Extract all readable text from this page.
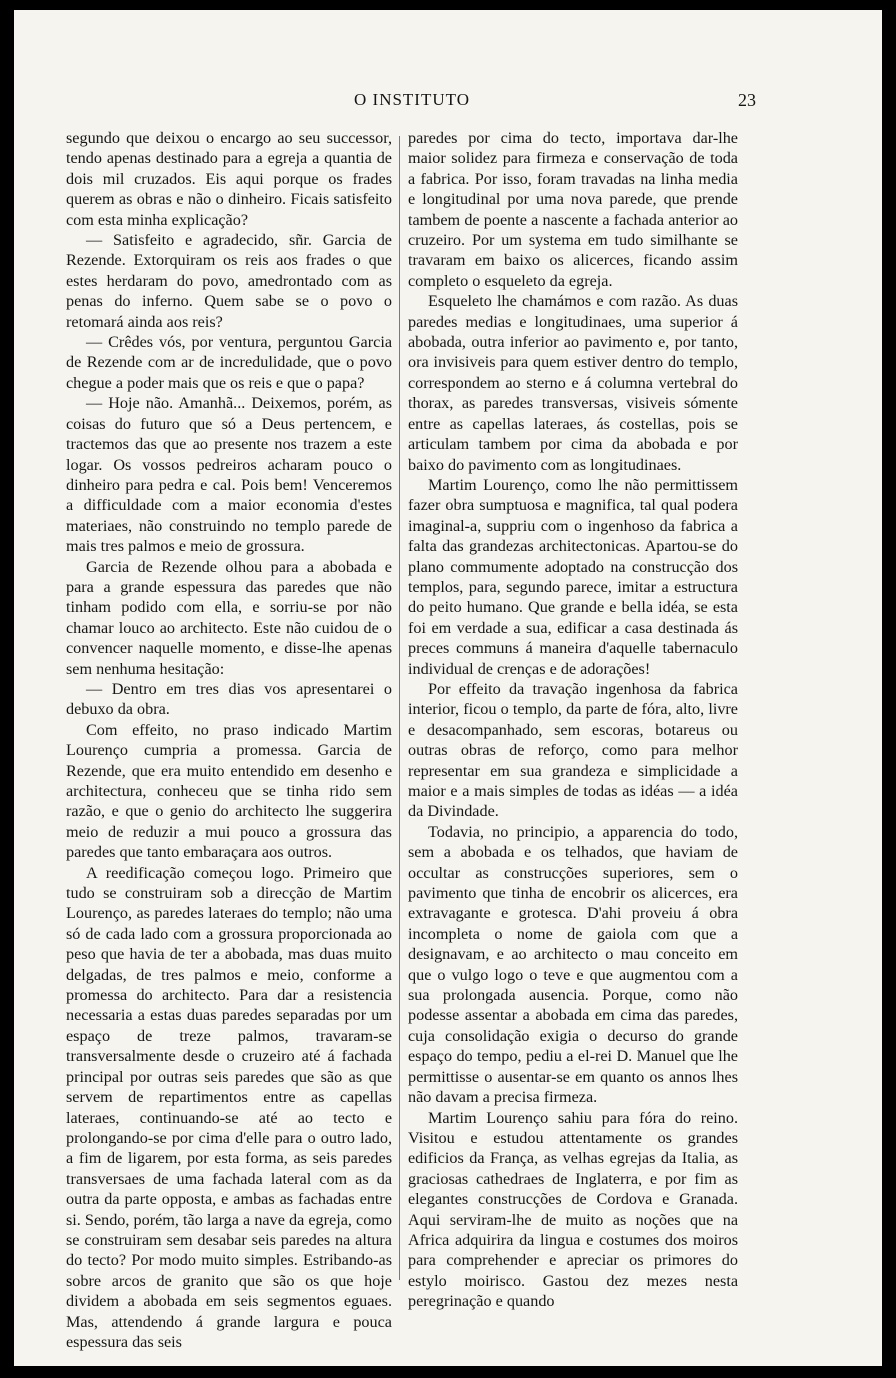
O INSTITUTO	23

segundo que deixou o encargo ao seu successor, tendo apenas destinado para a egreja a quantia de dois mil cruzados. Eis aqui porque os frades querem as obras e não o dinheiro. Ficais satisfeito com esta minha explicação?

— Satisfeito e agradecido, sñr. Garcia de Rezende. Extorquiram os reis aos frades o que estes herdaram do povo, amedrontado com as penas do inferno. Quem sabe se o povo o retomará ainda aos reis?

— Crêdes vós, por ventura, perguntou Garcia de Rezende com ar de incredulidade, que o povo chegue a poder mais que os reis e que o papa?

— Hoje não. Amanhã... Deixemos, porém, as coisas do futuro que só a Deus pertencem, e tractemos das que ao presente nos trazem a este logar. Os vossos pedreiros acharam pouco o dinheiro para pedra e cal. Pois bem! Venceremos a difficuldade com a maior economia d'estes materiaes, não construindo no templo parede de mais tres palmos e meio de grossura.

Garcia de Rezende olhou para a abobada e para a grande espessura das paredes que não tinham podido com ella, e sorriu-se por não chamar louco ao architecto. Este não cuidou de o convencer naquelle momento, e disse-lhe apenas sem nenhuma hesitação:

— Dentro em tres dias vos apresentarei o debuxo da obra.

Com effeito, no praso indicado Martim Lourenço cumpria a promessa. Garcia de Rezende, que era muito entendido em desenho e architectura, conheceu que se tinha rido sem razão, e que o genio do architecto lhe suggerira meio de reduzir a mui pouco a grossura das paredes que tanto embaraçara aos outros.

A reedificação começou logo. Primeiro que tudo se construiram sob a direcção de Martim Lourenço, as paredes lateraes do templo; não uma só de cada lado com a grossura proporcionada ao peso que havia de ter a abobada, mas duas muito delgadas, de tres palmos e meio, conforme a promessa do architecto. Para dar a resistencia necessaria a estas duas paredes separadas por um espaço de treze palmos, travaram-se transversalmente desde o cruzeiro até á fachada principal por outras seis paredes que são as que servem de repartimentos entre as capellas lateraes, continuando-se até ao tecto e prolongando-se por cima d'elle para o outro lado, a fim de ligarem, por esta forma, as seis paredes transversaes de uma fachada lateral com as da outra da parte opposta, e ambas as fachadas entre si. Sendo, porém, tão larga a nave da egreja, como se construiram sem desabar seis paredes na altura do tecto? Por modo muito simples. Estribando-as sobre arcos de granito que são os que hoje dividem a abobada em seis segmentos eguaes. Mas, attendendo á grande largura e pouca espessura das seis

paredes por cima do tecto, importava dar-lhe maior solidez para firmeza e conservação de toda a fabrica. Por isso, foram travadas na linha media e longitudinal por uma nova parede, que prende tambem de poente a nascente a fachada anterior ao cruzeiro. Por um systema em tudo similhante se travaram em baixo os alicerces, ficando assim completo o esqueleto da egreja.

Esqueleto lhe chamámos e com razão. As duas paredes medias e longitudinaes, uma superior á abobada, outra inferior ao pavimento e, por tanto, ora invisiveis para quem estiver dentro do templo, correspondem ao sterno e á columna vertebral do thorax, as paredes transversas, visiveis sómente entre as capellas lateraes, ás costellas, pois se articulam tambem por cima da abobada e por baixo do pavimento com as longitudinaes.

Martim Lourenço, como lhe não permittissem fazer obra sumptuosa e magnifica, tal qual podera imaginal-a, suppriu com o ingenhoso da fabrica a falta das grandezas architectonicas. Apartou-se do plano commumente adoptado na construcção dos templos, para, segundo parece, imitar a estructura do peito humano. Que grande e bella idéa, se esta foi em verdade a sua, edificar a casa destinada ás preces communs á maneira d'aquelle tabernaculo individual de crenças e de adorações!

Por effeito da travação ingenhosa da fabrica interior, ficou o templo, da parte de fóra, alto, livre e desacompanhado, sem escoras, botareus ou outras obras de reforço, como para melhor representar em sua grandeza e simplicidade a maior e a mais simples de todas as idéas — a idéa da Divindade.

Todavia, no principio, a apparencia do todo, sem a abobada e os telhados, que haviam de occultar as construcções superiores, sem o pavimento que tinha de encobrir os alicerces, era extravagante e grotesca. D'ahi proveiu á obra incompleta o nome de gaiola com que a designavam, e ao architecto o mau conceito em que o vulgo logo o teve e que augmentou com a sua prolongada ausencia. Porque, como não podesse assentar a abobada em cima das paredes, cuja consolidação exigia o decurso do grande espaço do tempo, pediu a el-rei D. Manuel que lhe permittisse o ausentar-se em quanto os annos lhes não davam a precisa firmeza.

Martim Lourenço sahiu para fóra do reino. Visitou e estudou attentamente os grandes edificios da França, as velhas egrejas da Italia, as graciosas cathedraes de Inglaterra, e por fim as elegantes construcções de Cordova e Granada. Aqui serviram-lhe de muito as noções que na Africa adquirira da lingua e costumes dos moiros para comprehender e apreciar os primores do estylo moirisco. Gastou dez mezes nesta peregrinação e quando
